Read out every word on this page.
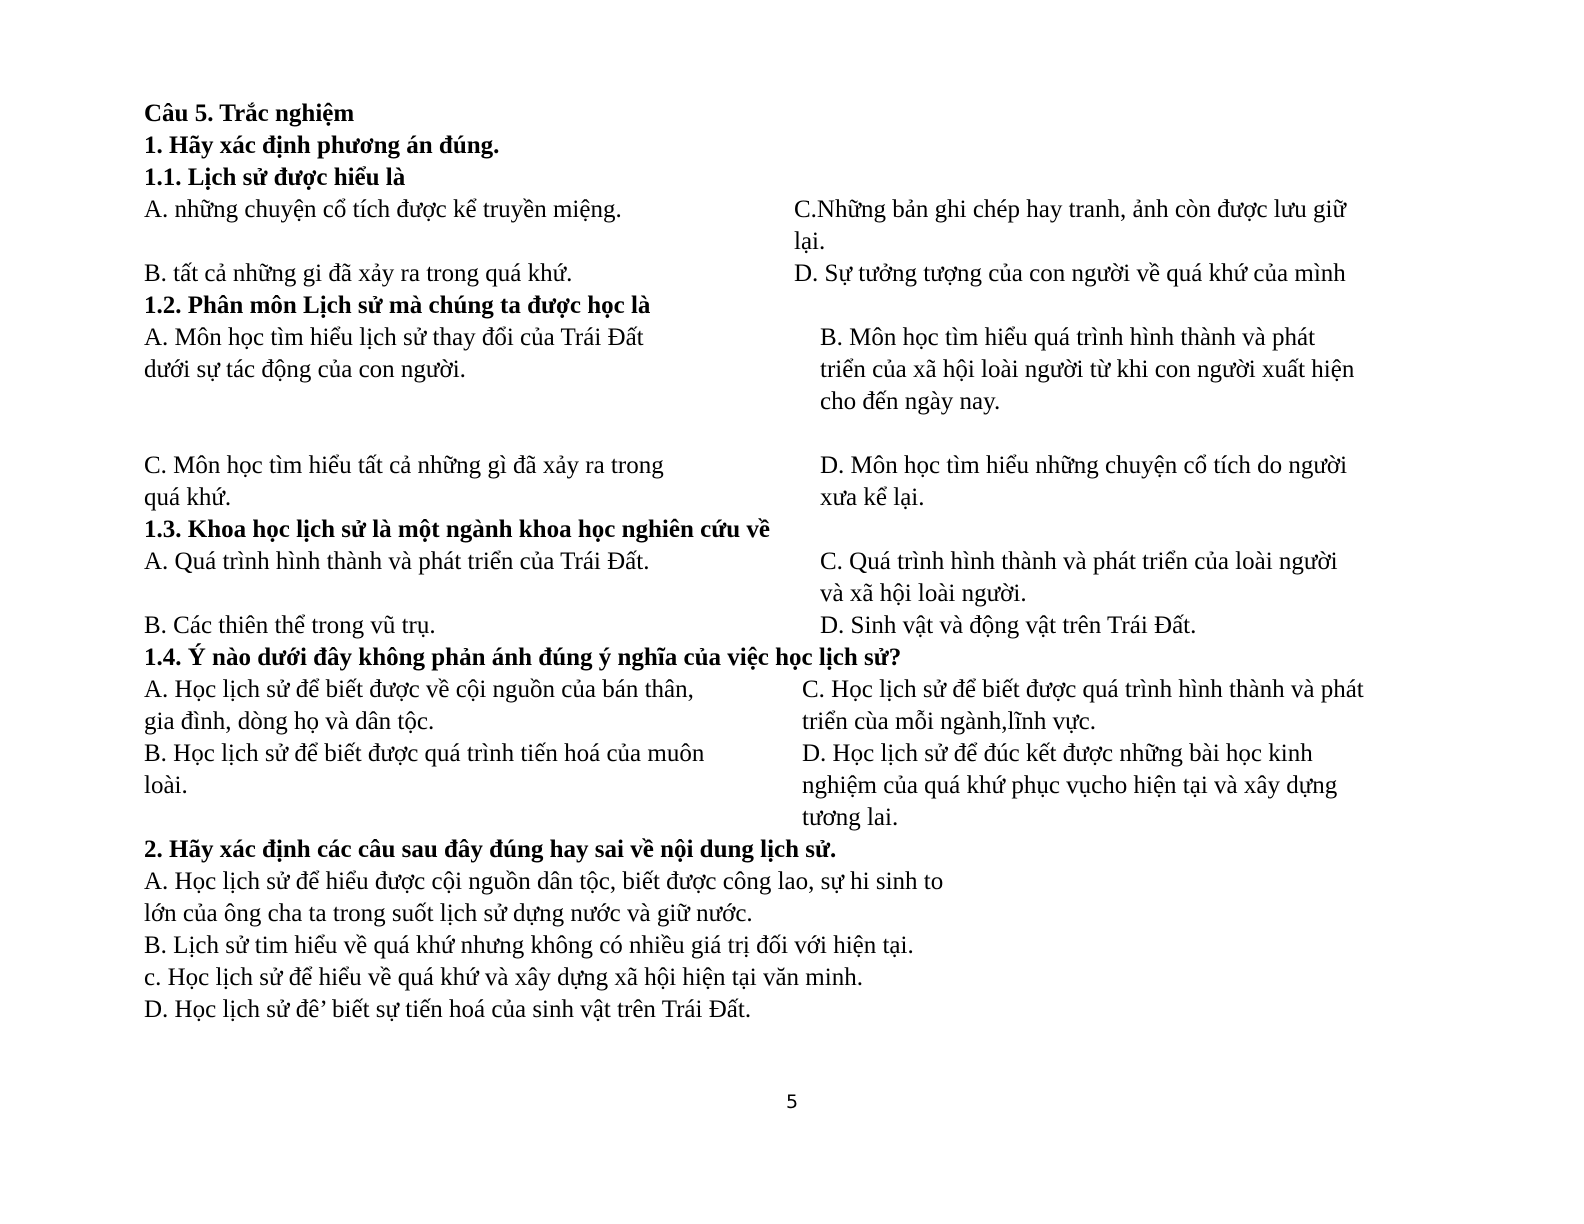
Câu 5. Trắc nghiệm
1. Hãy xác định phương án đúng.
1.1. Lịch sử được hiểu là
A. những chuyện cổ tích được kể truyền miệng.	C.Những bản ghi chép hay tranh, ảnh còn được lưu giữ
lại.
B. tất cả những gi đã xảy ra trong quá khứ.	D. Sự tưởng tượng của con người về quá khứ của mình
1.2. Phân môn Lịch sử mà chúng ta được học là
A. Môn học tìm hiểu lịch sử thay đổi của Trái Đất
dưới sự tác động của con người.
B. Môn học tìm hiểu quá trình hình thành và phát
triển của xã hội loài người từ khi con người xuất hiện
cho đến ngày nay.
C. Môn học tìm hiểu tất cả những gì đã xảy ra trong
quá khứ.
D. Môn học tìm hiểu những chuyện cổ tích do người
xưa kể lại.
1.3. Khoa học lịch sử là một ngành khoa học nghiên cứu về
A. Quá trình hình thành và phát triển của Trái Đất.	C. Quá trình hình thành và phát triển của loài người
và xã hội loài người.
B. Các thiên thể trong vũ trụ.	D. Sinh vật và động vật trên Trái Đất.
1.4. Ý nào dưới đây không phản ánh đúng ý nghĩa của việc học lịch sử?
A. Học lịch sử để biết được về cội nguồn của bán thân,
gia đình, dòng họ và dân tộc.
C. Học lịch sử để biết được quá trình hình thành và phát
triển cùa mỗi ngành,lĩnh vực.
B. Học lịch sử để biết được quá trình tiến hoá của muôn
loài.
D. Học lịch sử để đúc kết được những bài học kinh
nghiệm của quá khứ phục vụcho hiện tại và xây dựng
tương lai.
2. Hãy xác định các câu sau đây đúng hay sai về nội dung lịch sử.
A. Học lịch sử để hiểu được cội nguồn dân tộc, biết được công lao, sự hi sinh to
lớn của ông cha ta trong suốt lịch sử dựng nước và giữ nước.
B. Lịch sử tim hiểu về quá khứ nhưng không có nhiều giá trị đối với hiện tại.
c. Học lịch sử để hiểu về quá khứ và xây dựng xã hội hiện tại văn minh.
D. Học lịch sử đê’ biết sự tiến hoá của sinh vật trên Trái Đất.
5
